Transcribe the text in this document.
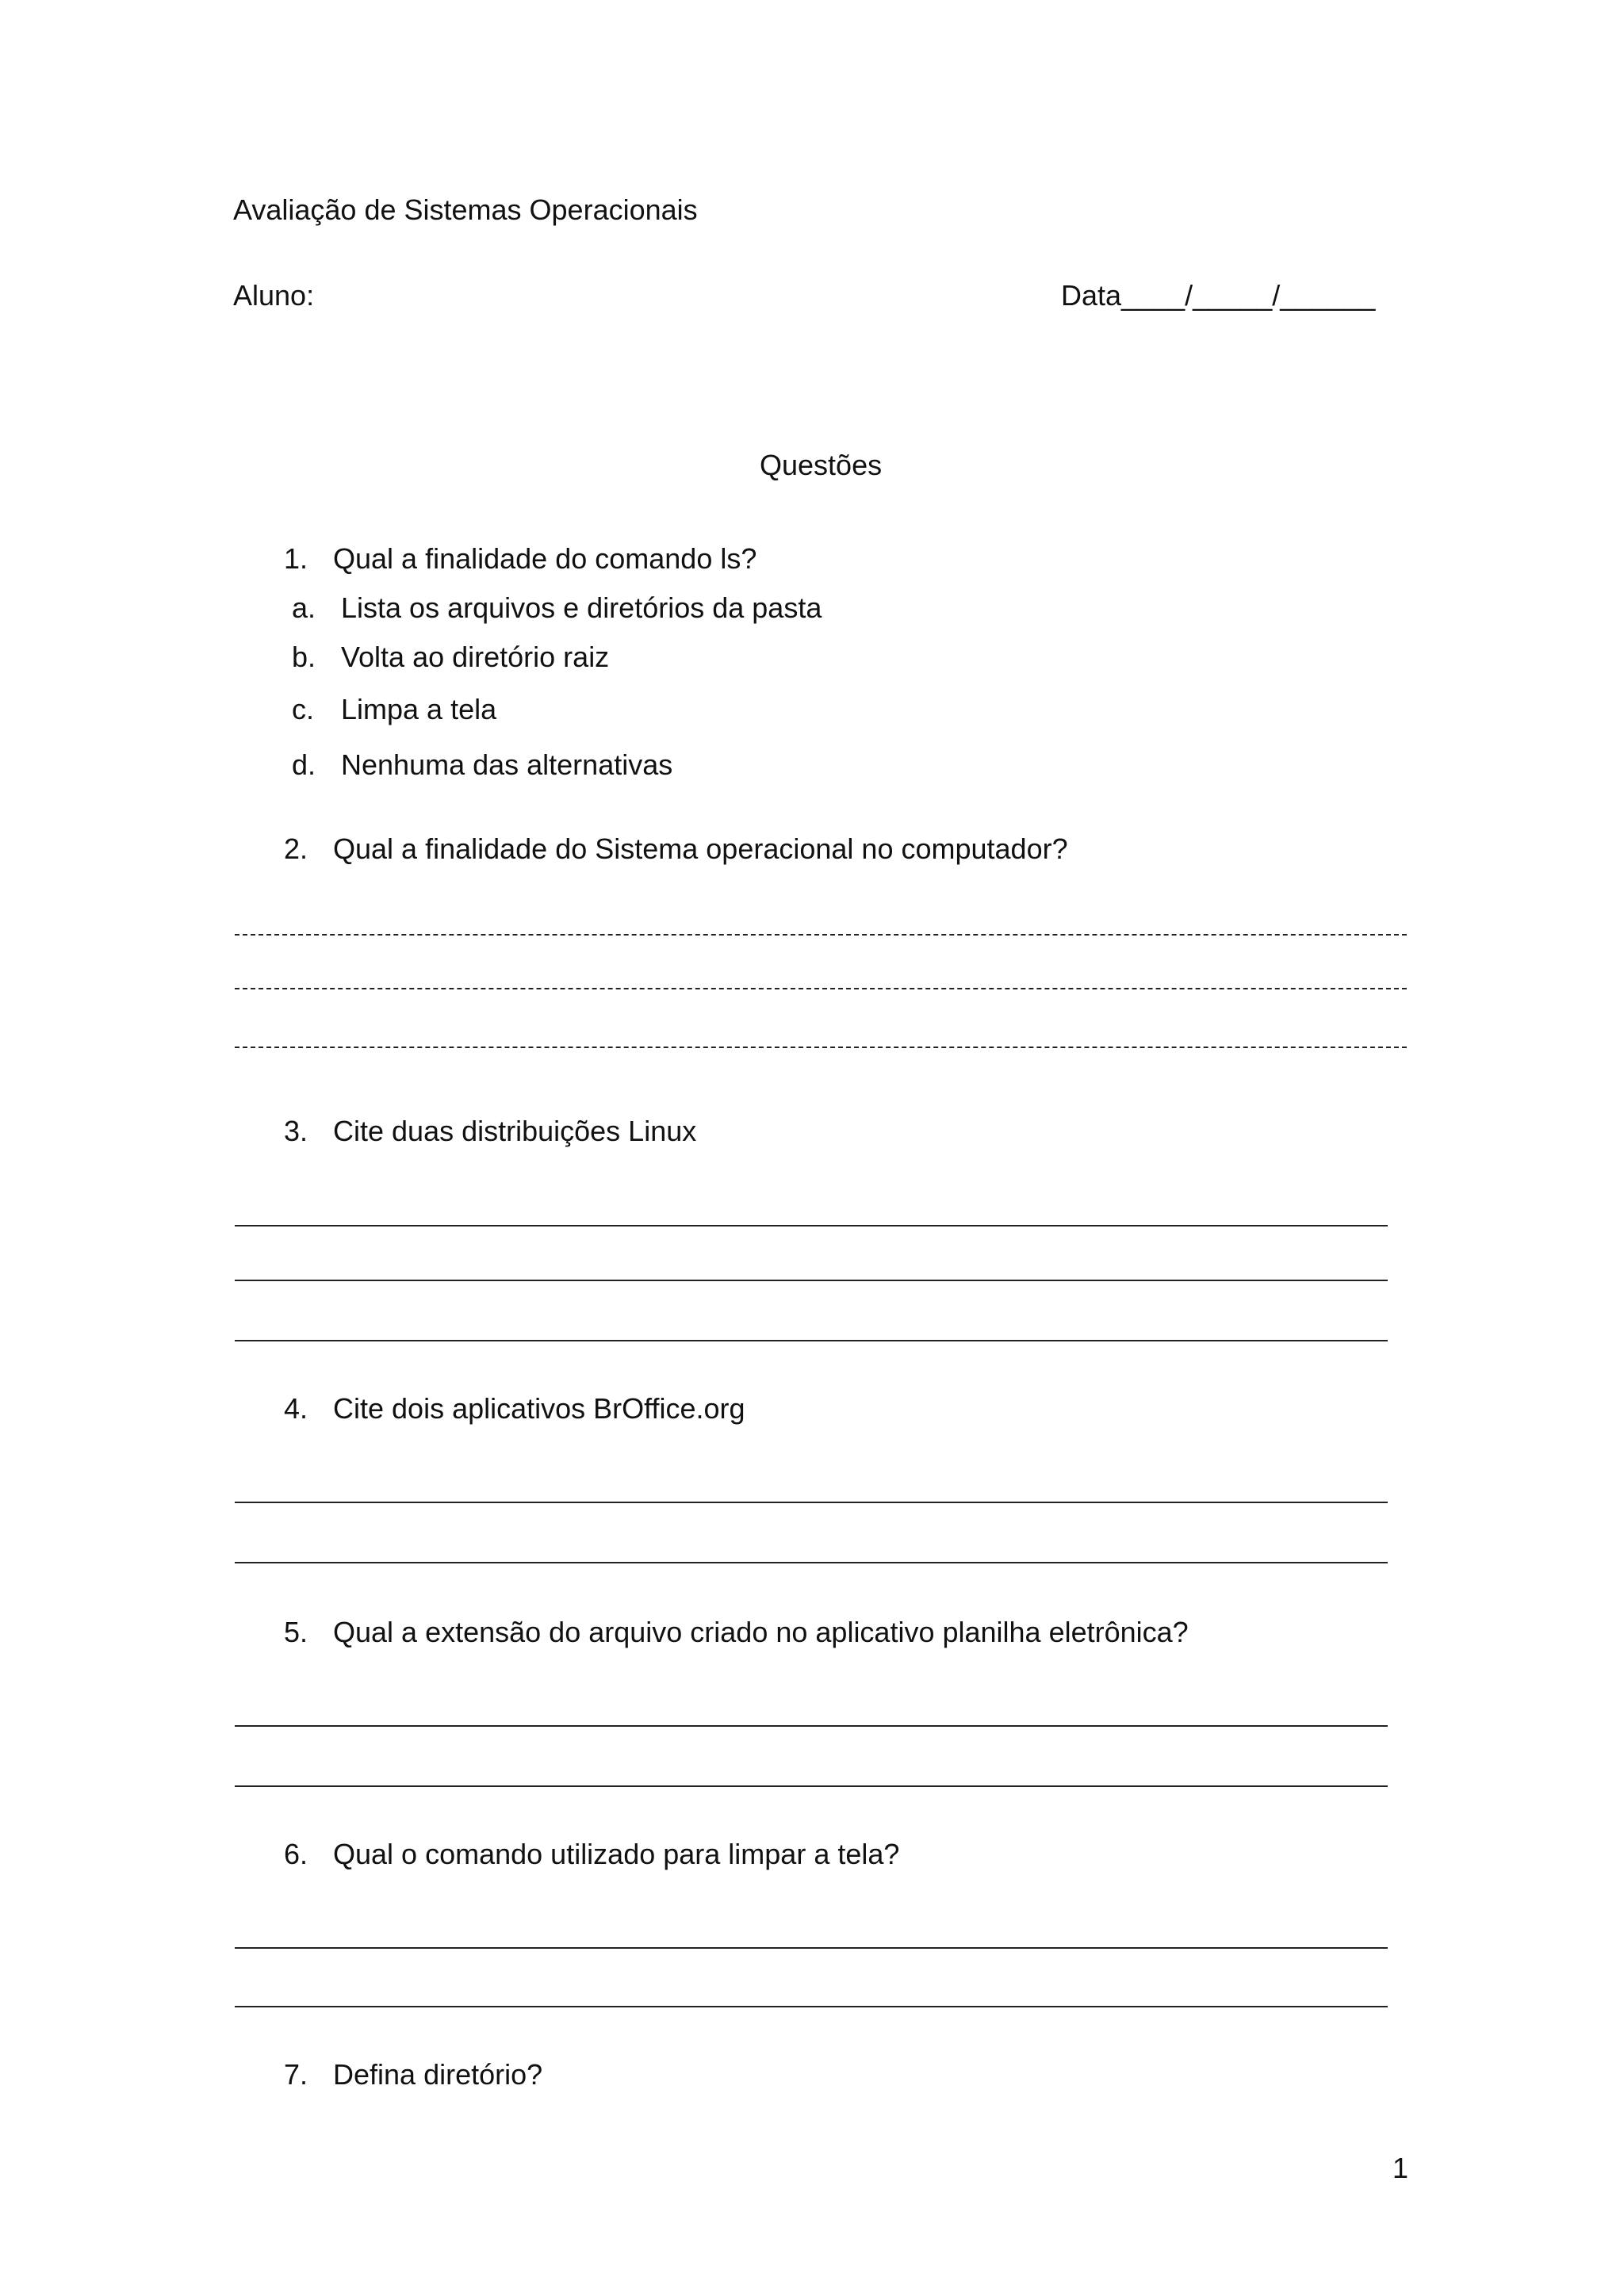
Avaliação de Sistemas Operacionais
Aluno:	Data____/_____/______
Questões
1. Qual a finalidade do comando ls?
a. Lista os arquivos e diretórios da pasta
b. Volta ao diretório raiz
c. Limpa a tela
d. Nenhuma das alternativas
2. Qual a finalidade do Sistema operacional no computador?
3. Cite duas distribuições Linux
4. Cite dois aplicativos BrOffice.org
5. Qual a extensão do arquivo criado no aplicativo planilha eletrônica?
6. Qual o comando utilizado para limpar a tela?
7. Defina diretório?
1
